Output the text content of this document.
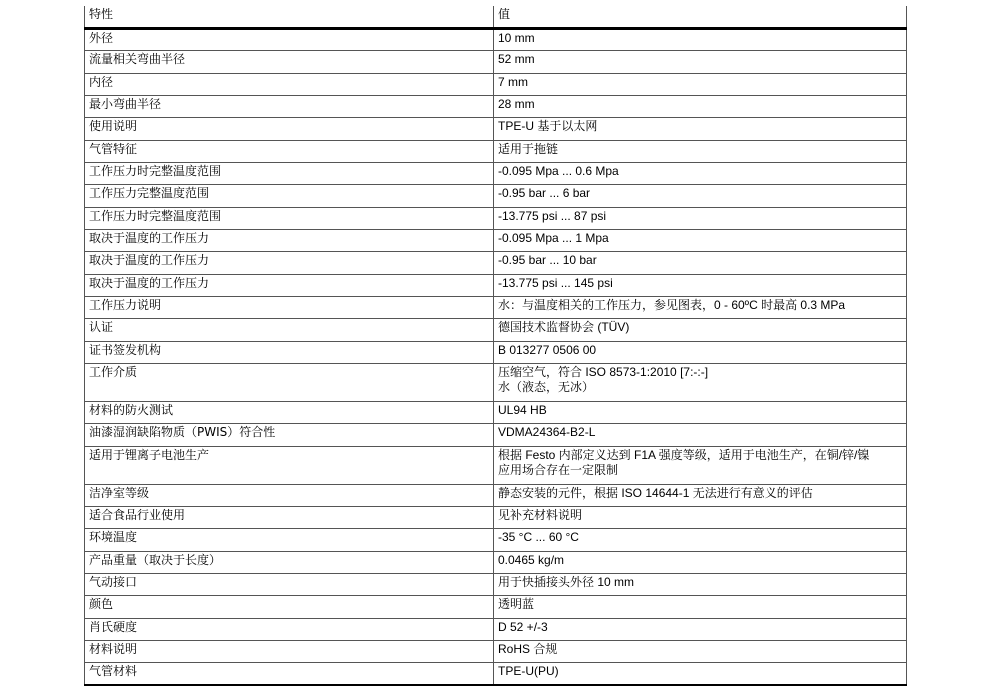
特性	值
外径	10 mm
流量相关弯曲半径	52 mm
内径	7 mm
最小弯曲半径	28 mm
使用说明	TPE-U 基于以太网
气管特征	适用于拖链
工作压力时完整温度范围	-0.095 Mpa ... 0.6 Mpa
工作压力完整温度范围	-0.95 bar ... 6 bar
工作压力时完整温度范围	-13.775 psi ... 87 psi
取决于温度的工作压力	-0.095 Mpa ... 1 Mpa
取决于温度的工作压力	-0.95 bar ... 10 bar
取决于温度的工作压力	-13.775 psi ... 145 psi
工作压力说明	水：与温度相关的工作压力，参见图表，0 - 60ºC 时最高 0.3 MPa
认证	德国技术监督协会 (TÜV)
证书签发机构	B 013277 0506 00
工作介质	压缩空气，符合 ISO 8573-1:2010 [7:-:-]
水（液态，无冰）

材料的防火测试	UL94 HB
油漆湿润缺陷物质（PWIS）符合性	VDMA24364-B2-L
适用于锂离子电池生产	根据 Festo 内部定义达到 F1A 强度等级，适用于电池生产，在铜/锌/镍
应用场合存在一定限制

洁净室等级	静态安装的元件，根据 ISO 14644-1 无法进行有意义的评估
适合食品行业使用	见补充材料说明
环境温度	-35 °C ... 60 °C
产品重量（取决于长度）	0.0465 kg/m
气动接口	用于快插接头外径 10 mm
颜色	透明蓝
肖氏硬度	D 52 +/-3
材料说明	RoHS 合规
气管材料	TPE-U(PU)
